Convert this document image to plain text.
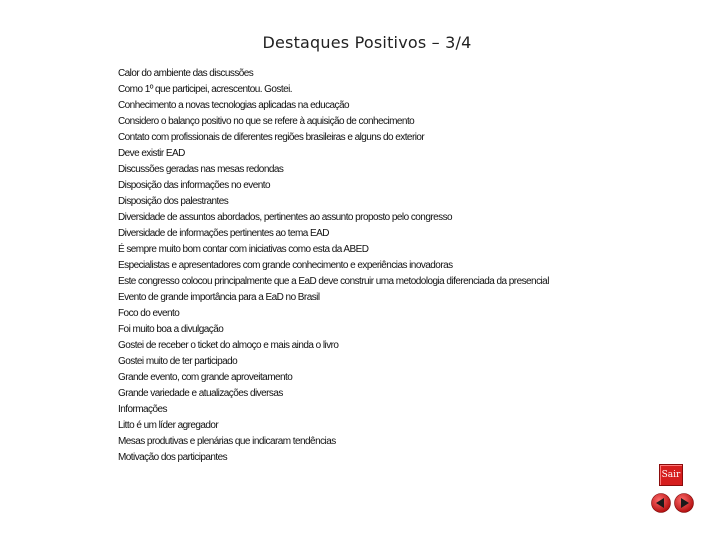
Destaques Positivos – 3/4
Calor do ambiente das discussões
Como 1º que participei, acrescentou. Gostei.
Conhecimento a novas tecnologias aplicadas na educação
Considero o balanço positivo no que se refere à aquisição de conhecimento
Contato com profissionais de diferentes regiões brasileiras e alguns do exterior
Deve existir EAD
Discussões geradas nas mesas redondas
Disposição das informações no evento
Disposição dos palestrantes
Diversidade de assuntos abordados, pertinentes ao assunto proposto pelo congresso
Diversidade de informações pertinentes ao tema EAD
É sempre muito bom contar com iniciativas como esta da ABED
Especialistas e apresentadores com grande conhecimento e experiências inovadoras
Este congresso colocou principalmente que a EaD deve construir uma metodologia diferenciada da presencial
Evento de grande importância para a EaD no Brasil
Foco do evento
Foi muito boa a divulgação
Gostei de receber o ticket do almoço e mais ainda o livro
Gostei muito de ter participado
Grande evento, com grande aproveitamento
Grande variedade e atualizações diversas
Informações
Litto é um líder agregador
Mesas produtivas e plenárias que indicaram tendências
Motivação dos participantes
Sair
